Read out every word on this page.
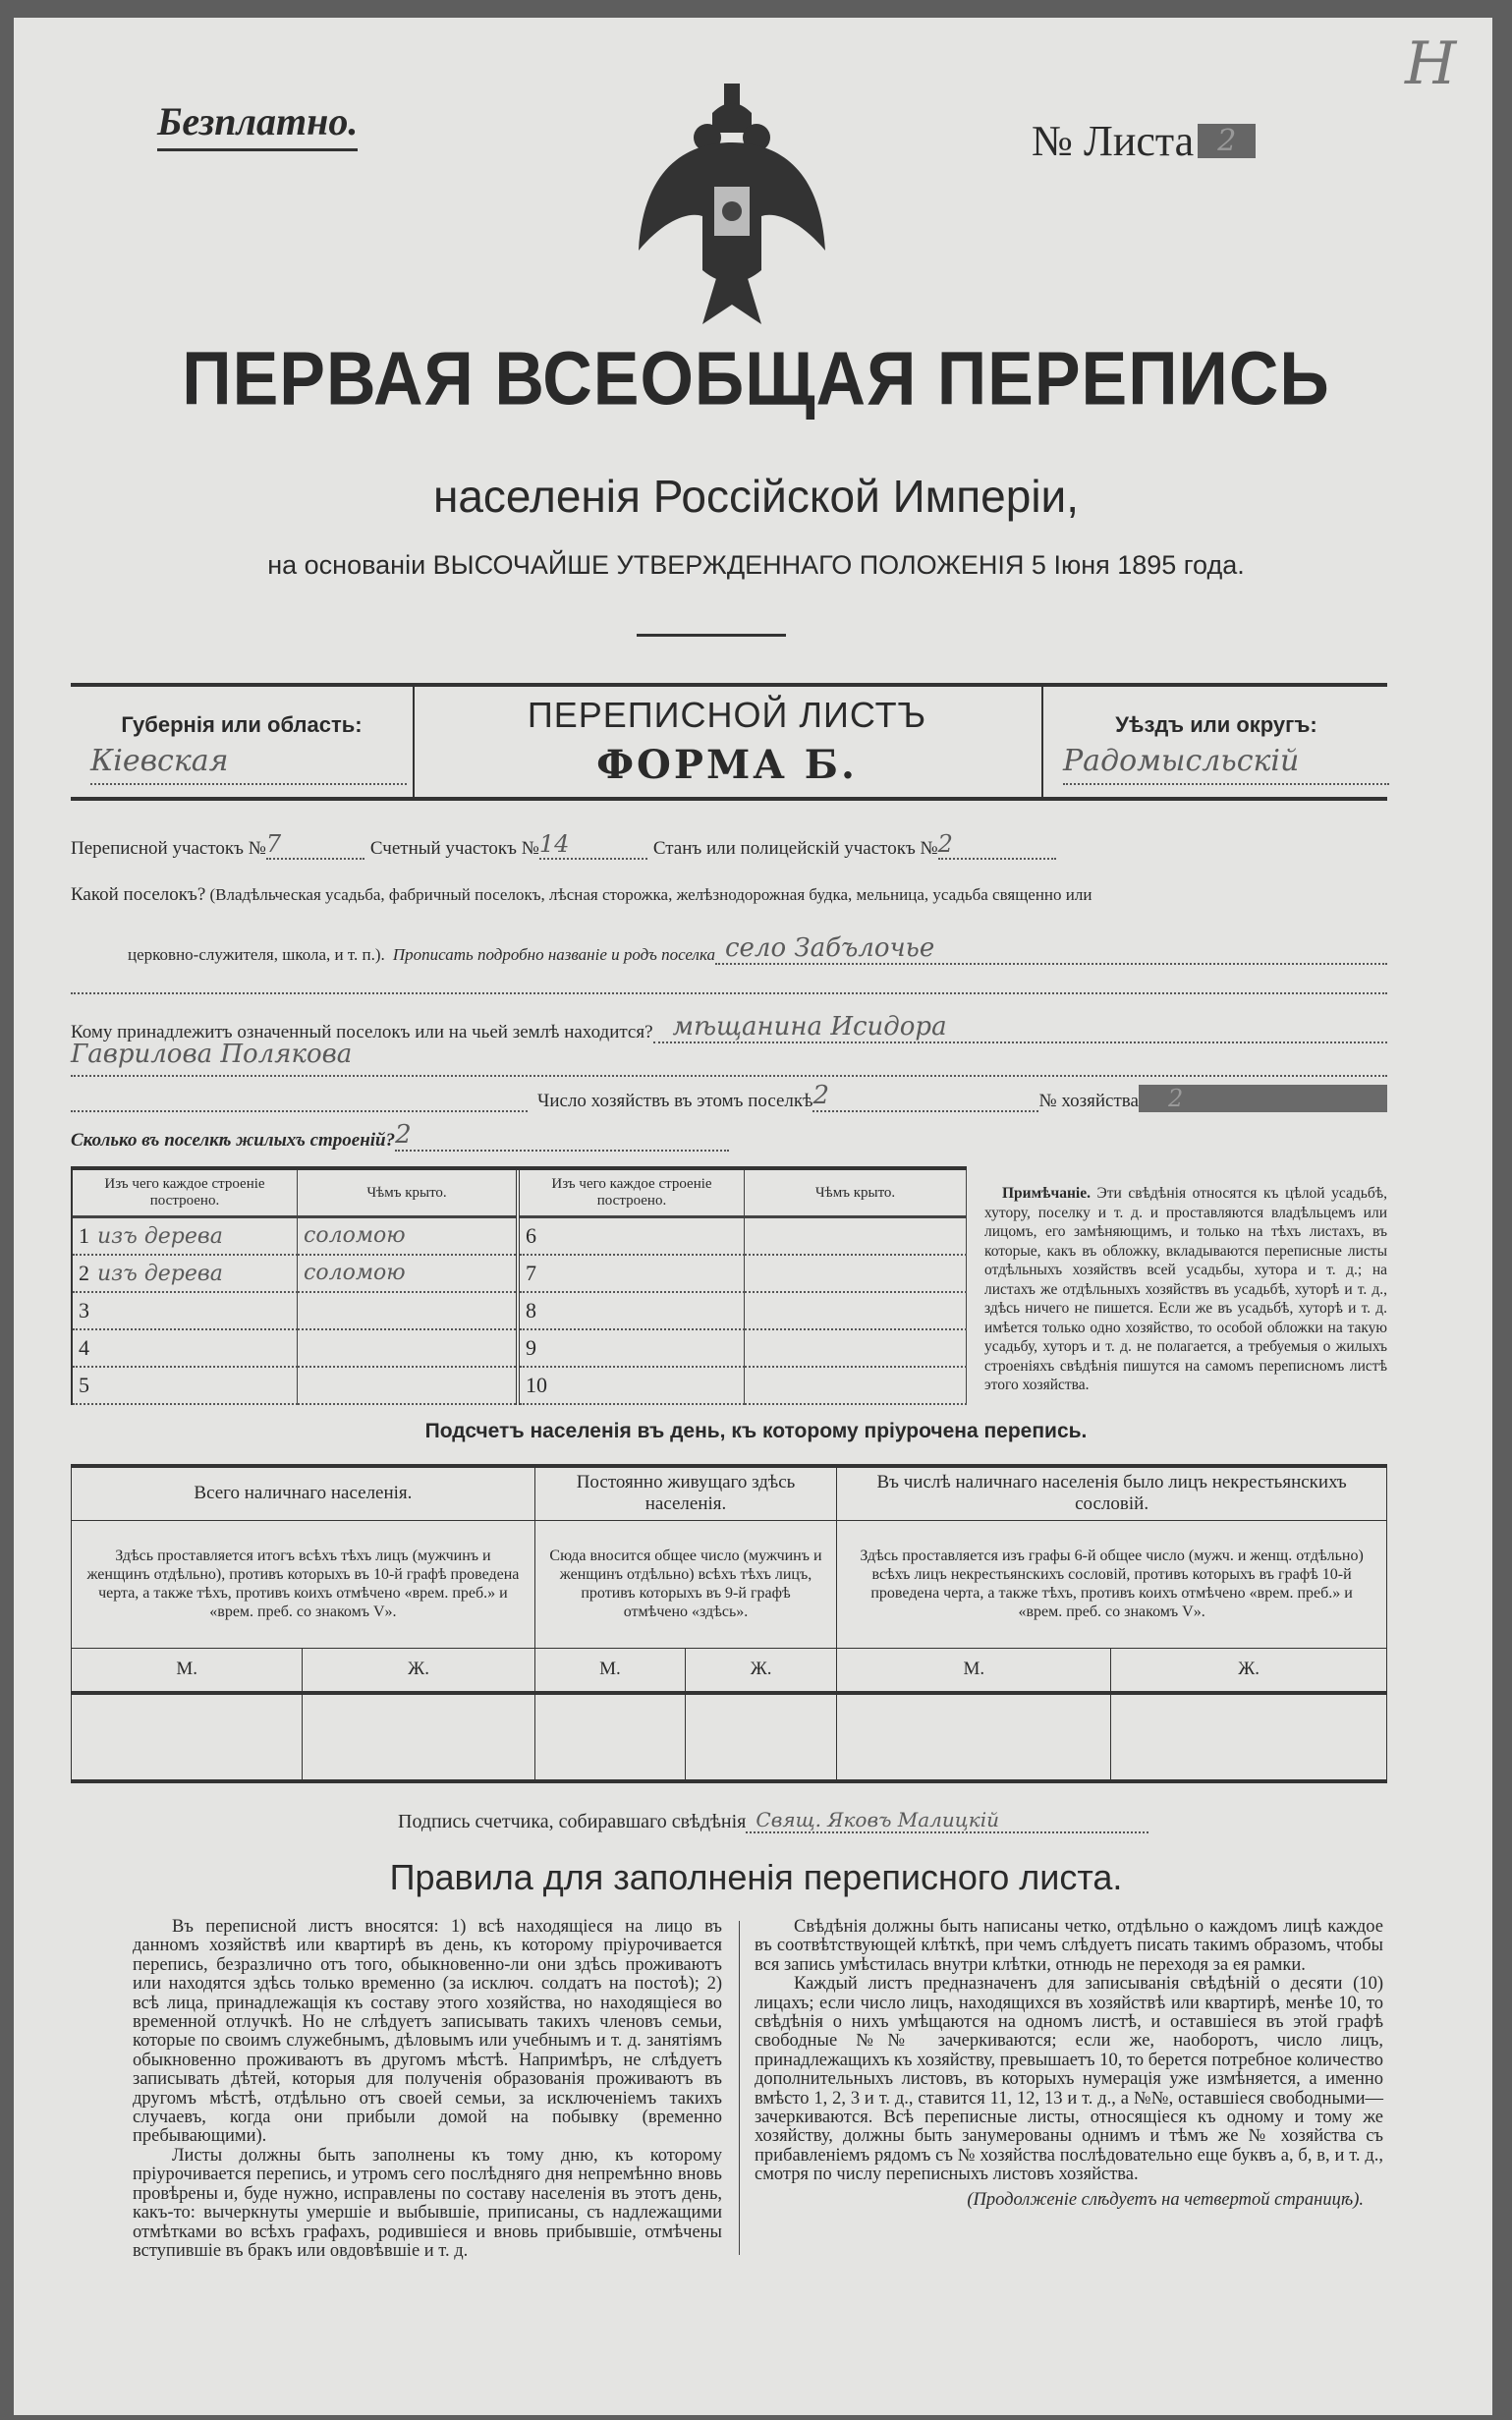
Н
Безплатно.	№ Листа 2
ПЕРВАЯ ВСЕОБЩАЯ ПЕРЕПИСЬ
населенія Россійской Имперіи,
на основаніи ВЫСОЧАЙШЕ УТВЕРЖДЕННАГО ПОЛОЖЕНІЯ 5 Іюня 1895 года.
Губернія или область:
Кіевская
ПЕРЕПИСНОЙ ЛИСТЪ
ФОРМА Б.
Уѣздъ или округъ:
Радомысльскій
Переписной участокъ № 7	Счетный участокъ № 14	Станъ или полицейскій участокъ № 2
Какой поселокъ? (Владѣльческая усадьба, фабричный поселокъ, лѣсная сторожка, желѣзнодорожная будка, мельница, усадьба священно или
церковно-служителя, школа, и т. п.). Прописать подробно названіе и родъ поселка село Забълочье
Кому принадлежитъ означенный поселокъ или на чьей землѣ находится? мѣщанина Исидора
Гаврилова Полякова
Число хозяйствъ въ этомъ поселкѣ 2	№ хозяйства	2
Сколько въ поселкѣ жилыхъ строеній? 2
Изъ чего каждое строеніе построено.	Чѣмъ крыто.
1 изъ дерева	соломою
2 изъ дерева	соломою
3	
4	
5	
Изъ чего каждое строеніе построено.	Чѣмъ крыто.
6	
7	
8	
9	
10	
Примѣчаніе. Эти свѣдѣнія относятся къ цѣлой усадьбѣ, хутору, поселку и т. д. и проставляются владѣльцемъ или лицомъ, его замѣняющимъ, и только на тѣхъ листахъ, въ которые, какъ въ обложку, вкладываются переписные листы отдѣльныхъ хозяйствъ всей усадьбы, хутора и т. д.; на листахъ же отдѣльныхъ хозяйствъ въ усадьбѣ, хуторѣ и т. д., здѣсь ничего не пишется. Если же въ усадьбѣ, хуторѣ и т. д. имѣется только одно хозяйство, то особой обложки на такую усадьбу, хуторъ и т. д. не полагается, а требуемыя о жилыхъ строеніяхъ свѣдѣнія пишутся на самомъ переписномъ листѣ этого хозяйства.
Подсчетъ населенія въ день, къ которому пріурочена перепись.
Всего наличнаго населенія.		Постоянно живущаго здѣсь населенія.		Въ числѣ наличнаго населенія было лицъ некрестьянскихъ сословій.	
Здѣсь проставляется итогъ всѣхъ тѣхъ лицъ (мужчинъ и женщинъ отдѣльно), противъ которыхъ въ 10-й графѣ проведена черта, а также тѣхъ, противъ коихъ отмѣчено «врем. преб.» и «врем. преб. со знакомъ V».		Сюда вносится общее число (мужчинъ и женщинъ отдѣльно) всѣхъ тѣхъ лицъ, противъ которыхъ въ 9-й графѣ отмѣчено «здѣсь».		Здѣсь проставляется изъ графы 6-й общее число (мужч. и женщ. отдѣльно) всѣхъ лицъ некрестьянскихъ сословій, противъ которыхъ въ графѣ 10-й проведена черта, а также тѣхъ, противъ коихъ отмѣчено «врем. преб.» и «врем. преб. со знакомъ V».	
М.	Ж.	М.	Ж.	М.	Ж.

Подпись счетчика, собиравшаго свѣдѣнія Свящ. Яковъ Малицкій
Правила для заполненія переписного листа.

Въ переписной листъ вносятся: 1) всѣ находящіеся на лицо въ данномъ хозяйствѣ или квартирѣ въ день, къ которому пріурочивается перепись, безразлично отъ того, обыкновенно-ли они здѣсь проживаютъ или находятся здѣсь только временно (за исключ. солдатъ на постоѣ); 2) всѣ лица, принадлежащія къ составу этого хозяйства, но находящіеся во временной отлучкѣ. Но не слѣдуетъ записывать такихъ членовъ семьи, которые по своимъ служебнымъ, дѣловымъ или учебнымъ и т. д. занятіямъ обыкновенно проживаютъ въ другомъ мѣстѣ. Напримѣръ, не слѣдуетъ записывать дѣтей, которыя для полученія образованія проживаютъ въ другомъ мѣстѣ, отдѣльно отъ своей семьи, за исключеніемъ такихъ случаевъ, когда они прибыли домой на побывку (временно пребывающими).

Листы должны быть заполнены къ тому дню, къ которому пріурочивается перепись, и утромъ сего послѣдняго дня непремѣнно вновь провѣрены и, буде нужно, исправлены по составу населенія въ этотъ день, какъ-то: вычеркнуты умершіе и выбывшіе, приписаны, съ надлежащими отмѣтками во всѣхъ графахъ, родившіеся и вновь прибывшіе, отмѣчены вступившіе въ бракъ или овдовѣвшіе и т. д.

Свѣдѣнія должны быть написаны четко, отдѣльно о каждомъ лицѣ каждое въ соотвѣтствующей клѣткѣ, при чемъ слѣдуетъ писать такимъ образомъ, чтобы вся запись умѣстилась внутри клѣтки, отнюдь не переходя за ея рамки.

Каждый листъ предназначенъ для записыванія свѣдѣній о десяти (10) лицахъ; если число лицъ, находящихся въ хозяйствѣ или квартирѣ, менѣе 10, то свѣдѣнія о нихъ умѣщаются на одномъ листѣ, и оставшіеся въ этой графѣ свободные №№ зачеркиваются; если же, наоборотъ, число лицъ, принадлежащихъ къ хозяйству, превышаетъ 10, то берется потребное количество дополнительныхъ листовъ, въ которыхъ нумерація уже измѣняется, а именно вмѣсто 1, 2, 3 и т. д., ставится 11, 12, 13 и т. д., а №№, оставшіеся свободными—зачеркиваются. Всѣ переписные листы, относящіеся къ одному и тому же хозяйству, должны быть занумерованы однимъ и тѣмъ же № хозяйства съ прибавленіемъ рядомъ съ № хозяйства послѣдовательно еще буквъ а, б, в, и т. д., смотря по числу переписныхъ листовъ хозяйства.

(Продолженіе слѣдуетъ на четвертой страницѣ).
